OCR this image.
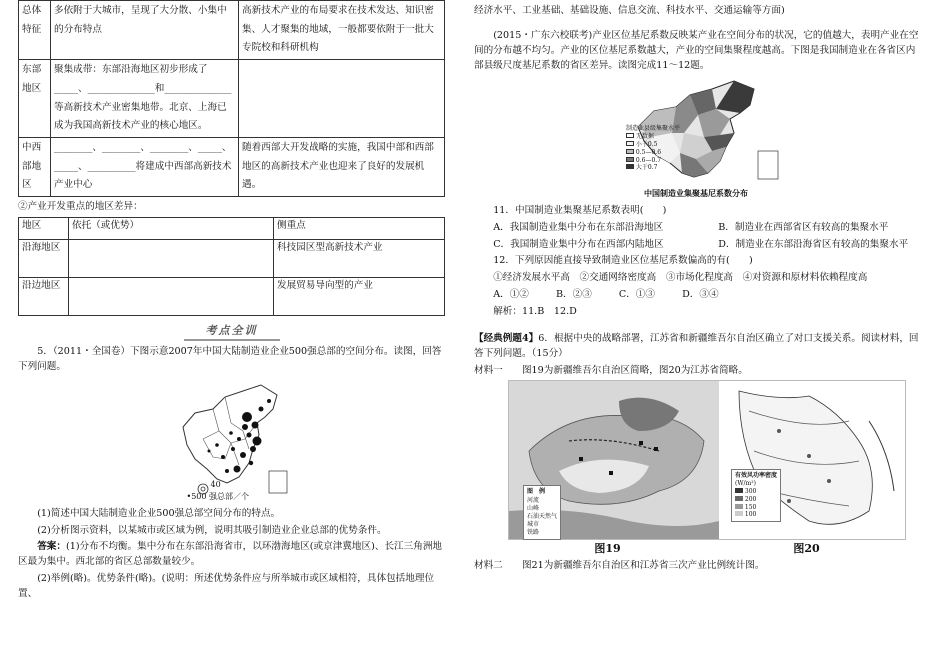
总体特征	多依附于大城市，呈现了大分散、小集中的分布特点	高新技术产业的布局要求在技术发达、知识密集、人才聚集的地域，一般都要依附于一批大专院校和科研机构
东部地区	聚集成带：东部沿海地区初步形成了_____、______________和______________等高新技术产业密集地带。北京、上海已成为我国高新技术产业的核心地区。	
中西部地区	________、________、________、_____、_____、__________将建成中西部高新技术产业中心	随着西部大开发战略的实施，我国中部和西部地区的高新技术产业也迎来了良好的发展机遇。
②产业开发重点的地区差异：
地区	依托（或优势）	侧重点
沿海地区		科技园区型高新技术产业
沿边地区		发展贸易导向型的产业
考点全训
5．（2011・全国卷）下图示意2007年中国大陆制造业企业500强总部的空间分布。读图，回答下列问题。
40
•500 强总部／个
(1)简述中国大陆制造业企业500强总部空间分布的特点。
(2)分析图示资料，以某城市或区域为例，说明其吸引制造业企业总部的优势条件。
答案：(1)分布不均衡。集中分布在东部沿海省市，以环渤海地区(或京津冀地区)、长江三角洲地区最为集中。西北部的省区总部数量较少。
(2)举例(略)。优势条件(略)。(说明：所述优势条件应与所举城市或区域相符，具体包括地理位置、
经济水平、工业基础、基础设施、信息交流、科技水平、交通运输等方面)
(2015・广东六校联考)产业区位基尼系数反映某产业在空间分布的状况，它的值越大，表明产业在空间的分布越不均匀。产业的区位基尼系数越大，产业的空间集聚程度越高。下图是我国制造业在各省区内部县级尺度基尼系数的省区差异。读图完成11～12题。
制造业县级集聚水平
无数据
小于0.5
0.5—0.6
0.6—0.7
大于0.7
中国制造业集聚基尼系数分布
11．中国制造业集聚基尼系数表明(　　)
A．我国制造业集中分布在东部沿海地区	B．制造业在西部省区有较高的集聚水平
C．我国制造业集中分布在西部内陆地区	D．制造业在东部沿海省区有较高的集聚水平
12．下列原因能直接导致制造业区位基尼系数偏高的有(　　)
①经济发展水平高　②交通网络密度高　③市场化程度高　④对资源和原材料依赖程度高
A．①②	B．②③	C．①③	D．③④
解析：11.B　12.D
【经典例题4】6．根据中央的战略部署，江苏省和新疆维吾尔自治区确立了对口支援关系。阅读材料，回答下列问题。（15分）
材料一　　图19为新疆维吾尔自治区简略，图20为江苏省简略。
图　例
河流
山峰
石油天然气
城市
铁路
有效风功率密度
(W/m²)
300
200
150
100
图19	图20
材料二　　图21为新疆维吾尔自治区和江苏省三次产业比例统计图。
